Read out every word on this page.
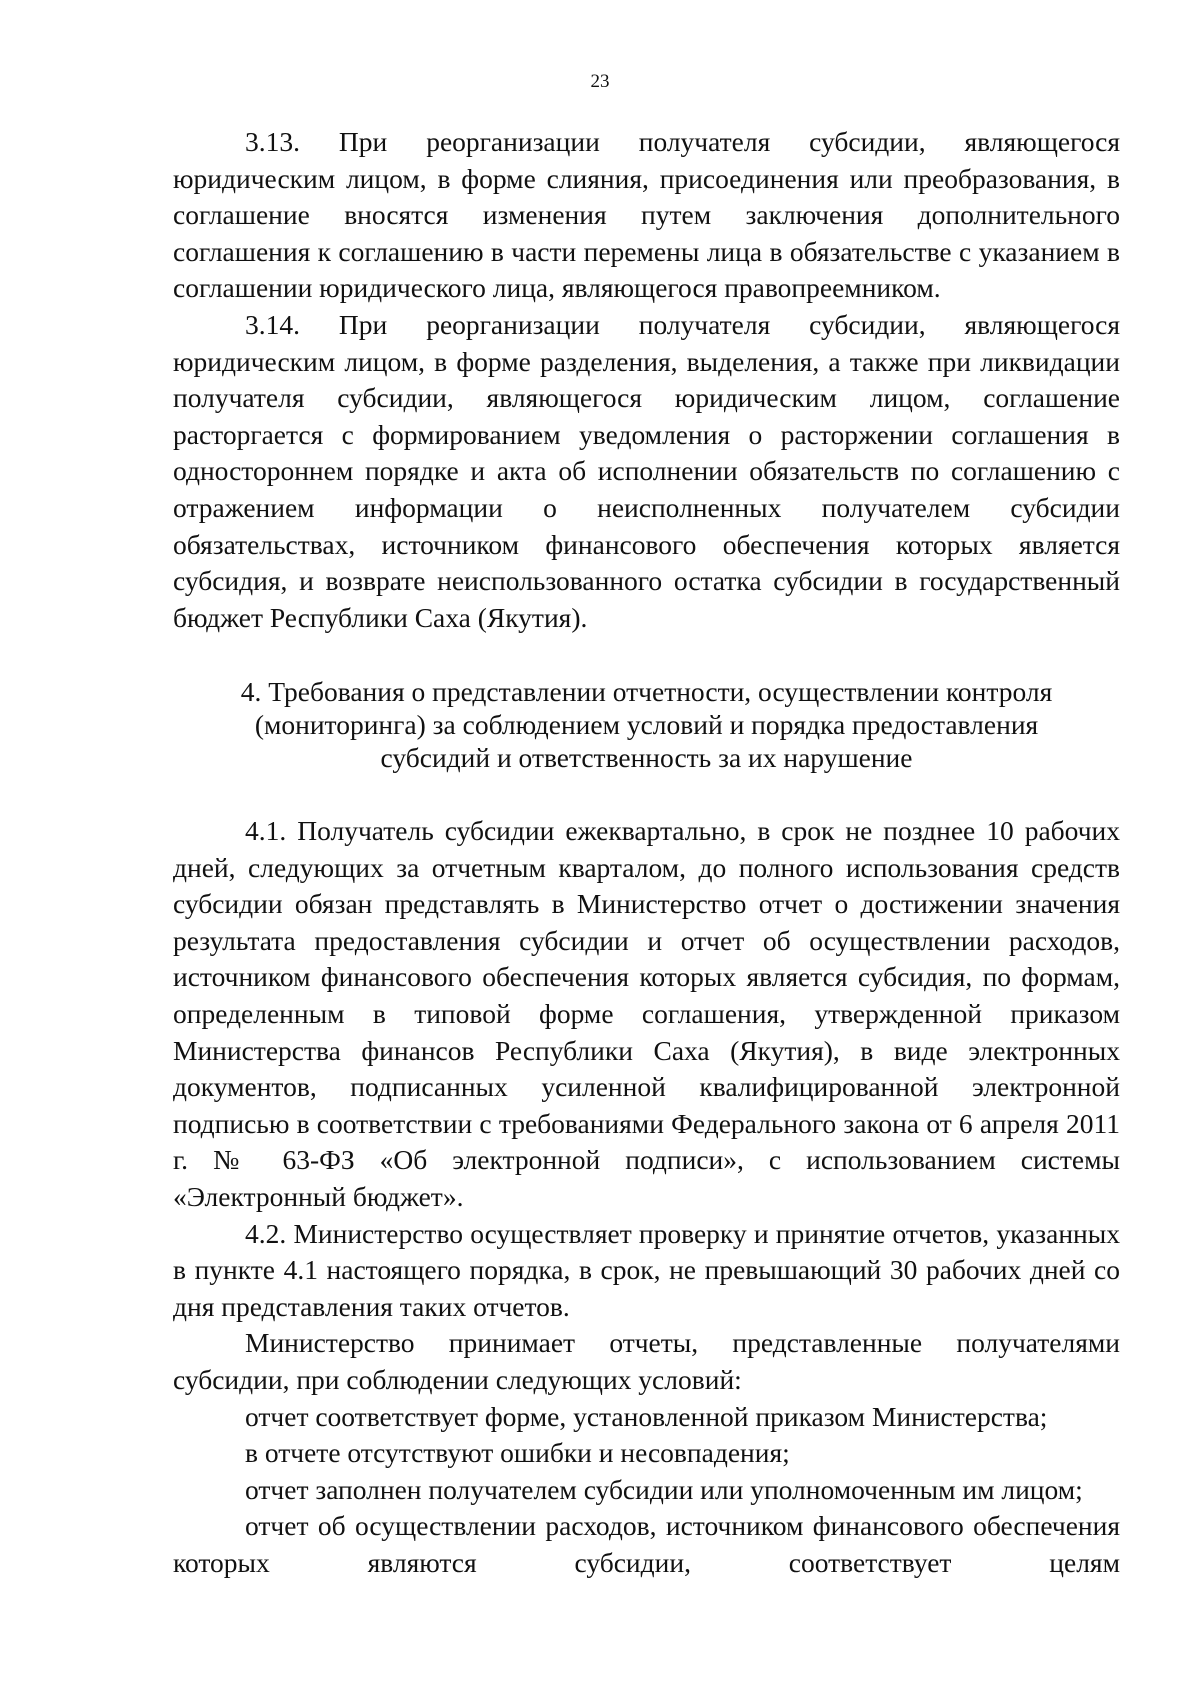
23

3.13. При реорганизации получателя субсидии, являющегося юридическим лицом, в форме слияния, присоединения или преобразования, в соглашение вносятся изменения путем заключения дополнительного соглашения к соглашению в части перемены лица в обязательстве с указанием в соглашении юридического лица, являющегося правопреемником.

3.14. При реорганизации получателя субсидии, являющегося юридическим лицом, в форме разделения, выделения, а также при ликвидации получателя субсидии, являющегося юридическим лицом, соглашение расторгается с формированием уведомления о расторжении соглашения в одностороннем порядке и акта об исполнении обязательств по соглашению с отражением информации о неисполненных получателем субсидии обязательствах, источником финансового обеспечения которых является субсидия, и возврате неиспользованного остатка субсидии в государственный бюджет Республики Саха (Якутия).

4. Требования о представлении отчетности, осуществлении контроля
(мониторинга) за соблюдением условий и порядка предоставления
субсидий и ответственность за их нарушение

4.1. Получатель субсидии ежеквартально, в срок не позднее 10 рабочих дней, следующих за отчетным кварталом, до полного использования средств субсидии обязан представлять в Министерство отчет о достижении значения результата предоставления субсидии и отчет об осуществлении расходов, источником финансового обеспечения которых является субсидия, по формам, определенным в типовой форме соглашения, утвержденной приказом Министерства финансов Республики Саха (Якутия), в виде электронных документов, подписанных усиленной квалифицированной электронной подписью в соответствии с требованиями Федерального закона от 6 апреля 2011 г. № 63-ФЗ «Об электронной подписи», с использованием системы «Электронный бюджет».

4.2. Министерство осуществляет проверку и принятие отчетов, указанных в пункте 4.1 настоящего порядка, в срок, не превышающий 30 рабочих дней со дня представления таких отчетов.

Министерство принимает отчеты, представленные получателями субсидии, при соблюдении следующих условий:

отчет соответствует форме, установленной приказом Министерства;

в отчете отсутствуют ошибки и несовпадения;

отчет заполнен получателем субсидии или уполномоченным им лицом;

отчет об осуществлении расходов, источником финансового обеспечения которых являются субсидии, соответствует целям
